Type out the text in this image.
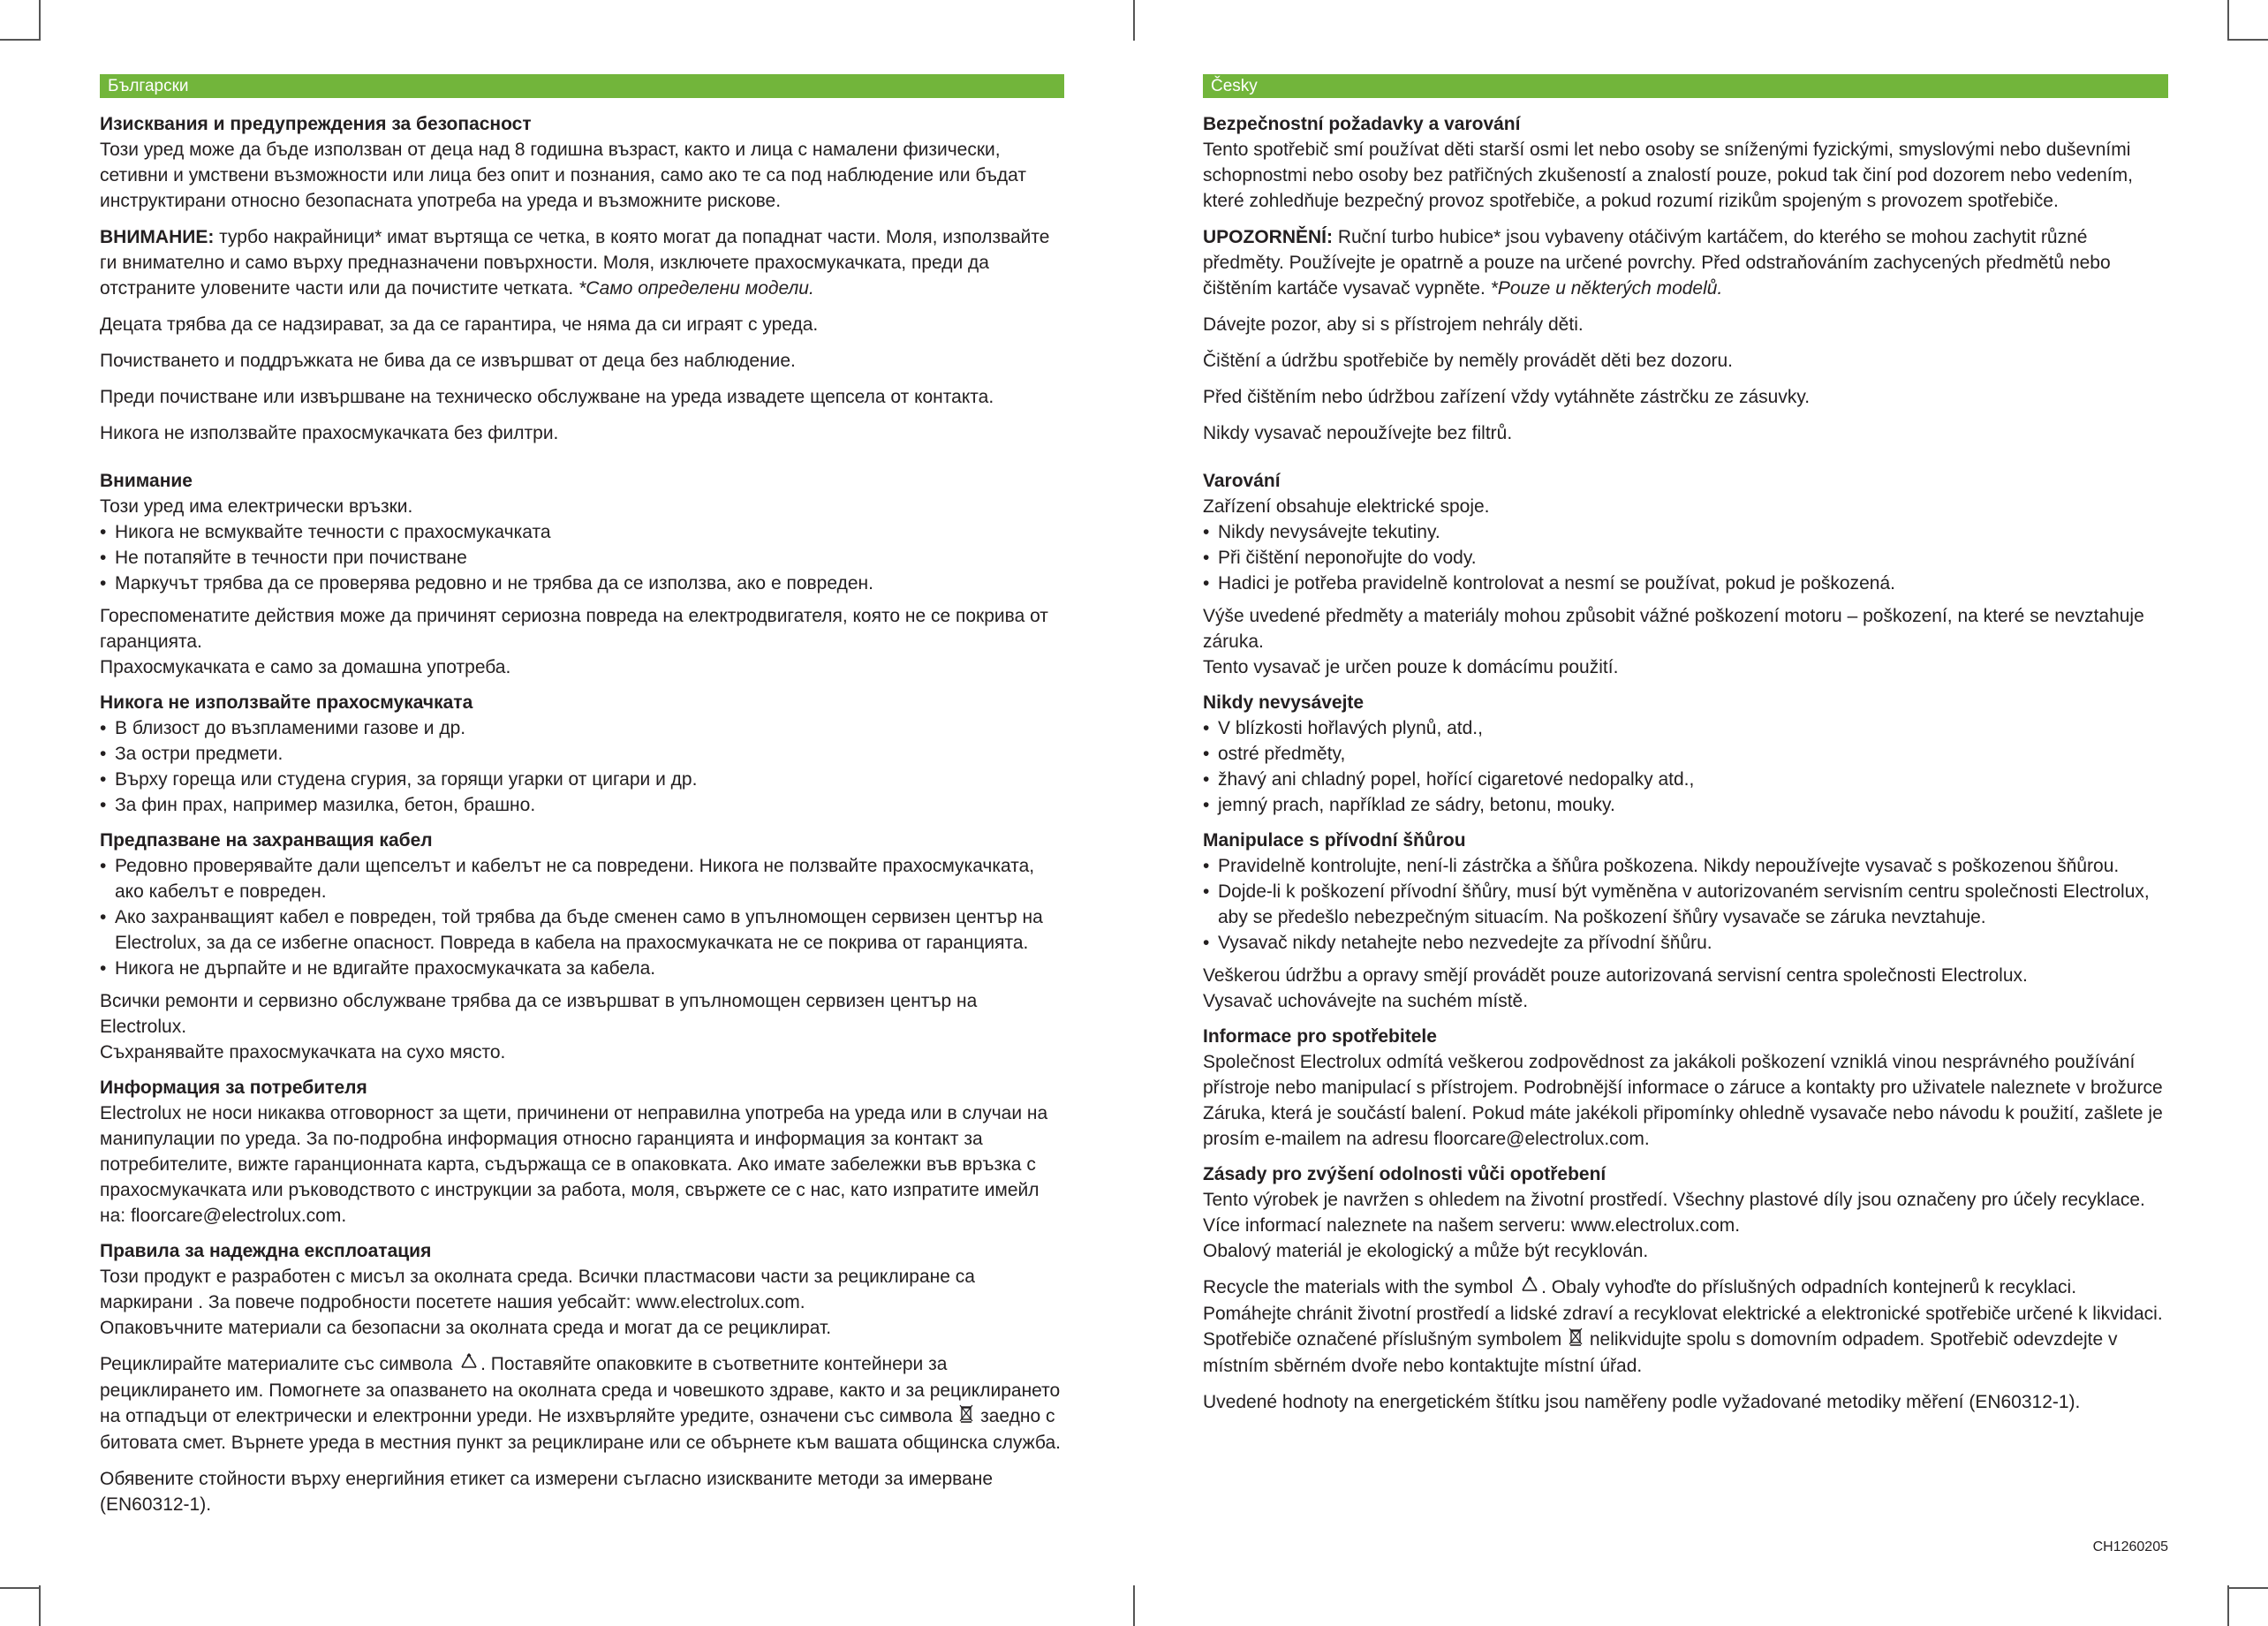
Български
Изисквания и предупреждения за безопасност

Този уред може да бъде използван от деца над 8 годишна възраст, както и лица с намалени физически, сетивни и умствени възможности или лица без опит и познания, само ако те са под наблюдение или бъдат инструктирани относно безопасната употреба на уреда и възможните рискове.

ВНИМАНИЕ: турбо накрайници* имат въртяща се четка, в която могат да попаднат части. Моля, използвайте ги внимателно и само върху предназначени повърхности. Моля, изключете прахосмукачката, преди да отстраните уловените части или да почистите четката. *Само определени модели.

Децата трябва да се надзирават, за да се гарантира, че няма да си играят с уреда.

Почистването и поддръжката не бива да се извършват от деца без наблюдение.

Преди почистване или извършване на техническо обслужване на уреда извадете щепсела от контакта.

Никога не използвайте прахосмукачката без филтри.

Внимание

Този уред има електрически връзки.

• Никога не всмуквайте течности с прахосмукачката
• Не потапяйте в течности при почистване
• Маркучът трябва да се проверява редовно и не трябва да се използва, ако е повреден.

Гореспоменатите действия може да причинят сериозна повреда на електродвигателя, която не се покрива от гаранцията.

Прахосмукачката е само за домашна употреба.

Никога не използвайте прахосмукачката
• В близост до възпламеними газове и др.
• За остри предмети.
• Върху гореща или студена сгурия, за горящи угарки от цигари и др.
• За фин прах, например мазилка, бетон, брашно.
Предпазване на захранващия кабел
• Редовно проверявайте дали щепселът и кабелът не са повредени. Никога не ползвайте прахосмукачката, ако кабелът е повреден.
• Ако захранващият кабел е повреден, той трябва да бъде сменен само в упълномощен сервизен център на Electrolux, за да се избегне опасност. Повреда в кабела на прахосмукачката не се покрива от гаранцията.
• Никога не дърпайте и не вдигайте прахосмукачката за кабела.

Всички ремонти и сервизно обслужване трябва да се извършват в упълномощен сервизен център на Electrolux.

Съхранявайте прахосмукачката на сухо място.

Информация за потребителя

Electrolux не носи никаква отговорност за щети, причинени от неправилна употреба на уреда или в случаи на манипулации по уреда. За по-подробна информация относно гаранцията и информация за контакт за потребителите, вижте гаранционната карта, съдържаща се в опаковката. Ако имате забележки във връзка с прахосмукачката или ръководството с инструкции за работа, моля, свържете се с нас, като изпратите имейл на: floorcare@electrolux.com.

Правила за надеждна експлоатация

Този продукт е разработен с мисъл за околната среда. Всички пластмасови части за рециклиране са маркирани . За повече подробности посетете нашия уебсайт: www.electrolux.com.

Опаковъчните материали са безопасни за околната среда и могат да се рециклират.

Рециклирайте материалите със символа . Поставяйте опаковките в съответните контейнери за рециклирането им. Помогнете за опазването на околната среда и човешкото здраве, както и за рециклирането на отпадъци от електрически и електронни уреди. Не изхвърляйте уредите, означени със символа  заедно с битовата смет. Върнете уреда в местния пункт за рециклиране или се обърнете към вашата общинска служба.

Обявените стойности върху енергийния етикет са измерени съгласно изискваните методи за имерване (EN60312-1).

Česky
Bezpečnostní požadavky a varování

Tento spotřebič smí používat děti starší osmi let nebo osoby se sníženými fyzickými, smyslovými nebo duševními schopnostmi nebo osoby bez patřičných zkušeností a znalostí pouze, pokud tak činí pod dozorem nebo vedením, které zohledňuje bezpečný provoz spotřebiče, a pokud rozumí rizikům spojeným s provozem spotřebiče.

UPOZORNĚNÍ: Ruční turbo hubice* jsou vybaveny otáčivým kartáčem, do kterého se mohou zachytit různé předměty. Používejte je opatrně a pouze na určené povrchy. Před odstraňováním zachycených předmětů nebo čištěním kartáče vysavač vypněte. *Pouze u některých modelů.

Dávejte pozor, aby si s přístrojem nehrály děti.

Čištění a údržbu spotřebiče by neměly provádět děti bez dozoru.

Před čištěním nebo údržbou zařízení vždy vytáhněte zástrčku ze zásuvky.

Nikdy vysavač nepoužívejte bez filtrů.

Varování

Zařízení obsahuje elektrické spoje.

• Nikdy nevysávejte tekutiny.
• Při čištění neponořujte do vody.
• Hadici je potřeba pravidelně kontrolovat a nesmí se používat, pokud je poškozená.

Výše uvedené předměty a materiály mohou způsobit vážné poškození motoru – poškození, na které se nevztahuje záruka.

Tento vysavač je určen pouze k domácímu použití.

Nikdy nevysávejte
• V blízkosti hořlavých plynů, atd.,
• ostré předměty,
• žhavý ani chladný popel, hořící cigaretové nedopalky atd.,
• jemný prach, například ze sádry, betonu, mouky.
Manipulace s přívodní šňůrou
• Pravidelně kontrolujte, není-li zástrčka a šňůra poškozena. Nikdy nepoužívejte vysavač s poškozenou šňůrou.
• Dojde-li k poškození přívodní šňůry, musí být vyměněna v autorizovaném servisním centru společnosti Electrolux, aby se předešlo nebezpečným situacím. Na poškození šňůry vysavače se záruka nevztahuje.
• Vysavač nikdy netahejte nebo nezvedejte za přívodní šňůru.

Veškerou údržbu a opravy smějí provádět pouze autorizovaná servisní centra společnosti Electrolux.

Vysavač uchovávejte na suchém místě.

Informace pro spotřebitele

Společnost Electrolux odmítá veškerou zodpovědnost za jakákoli poškození vzniklá vinou nesprávného používání přístroje nebo manipulací s přístrojem. Podrobnější informace o záruce a kontakty pro uživatele naleznete v brožurce Záruka, která je součástí balení. Pokud máte jakékoli připomínky ohledně vysavače nebo návodu k použití, zašlete je prosím e-mailem na adresu floorcare@electrolux.com.

Zásady pro zvýšení odolnosti vůči opotřebení

Tento výrobek je navržen s ohledem na životní prostředí. Všechny plastové díly jsou označeny pro účely recyklace. Více informací naleznete na našem serveru: www.electrolux.com.

Obalový materiál je ekologický a může být recyklován.

Recycle the materials with the symbol . Obaly vyhoďte do příslušných odpadních kontejnerů k recyklaci. Pomáhejte chránit životní prostředí a lidské zdraví a recyklovat elektrické a elektronické spotřebiče určené k likvidaci. Spotřebiče označené příslušným symbolem  nelikvidujte spolu s domovním odpadem. Spotřebič odevzdejte v místním sběrném dvoře nebo kontaktujte místní úřad.

Uvedené hodnoty na energetickém štítku jsou naměřeny podle vyžadované metodiky měření (EN60312-1).

CH1260205
